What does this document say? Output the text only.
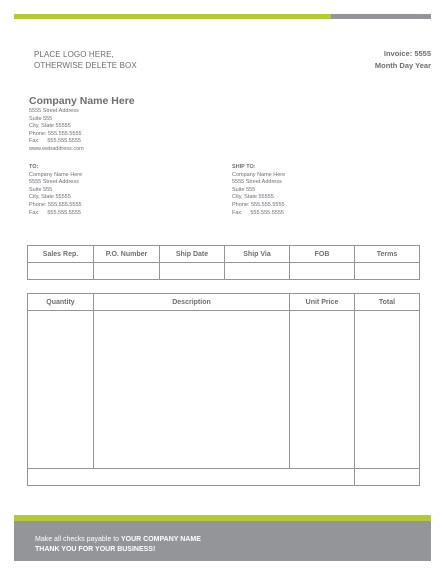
PLACE LOGO HERE,
OTHERWISE DELETE BOX
Invoice: 5555
Month Day Year
Company Name Here
5555 Street Address
Suite 555
City, State 55555
Phone: 555.555.5555
Fax:     555.555.5555
www.webaddress.com
TO:
Company Name Here
5555 Street Address
Suite 555
City, State 55555
Phone: 555.555.5555
Fax:     555.555.5555
SHIP TO:
Company Name Here
5555 Street Address
Suite 555
City, State 55555
Phone: 555.555.5555
Fax:     555.555.5555
Sales Rep.	P.O. Number	Ship Date	Ship Via	FOB	Terms

Quantity	Description	Unit Price	Total

Make all checks payable to YOUR COMPANY NAME
THANK YOU FOR YOUR BUSINESS!
